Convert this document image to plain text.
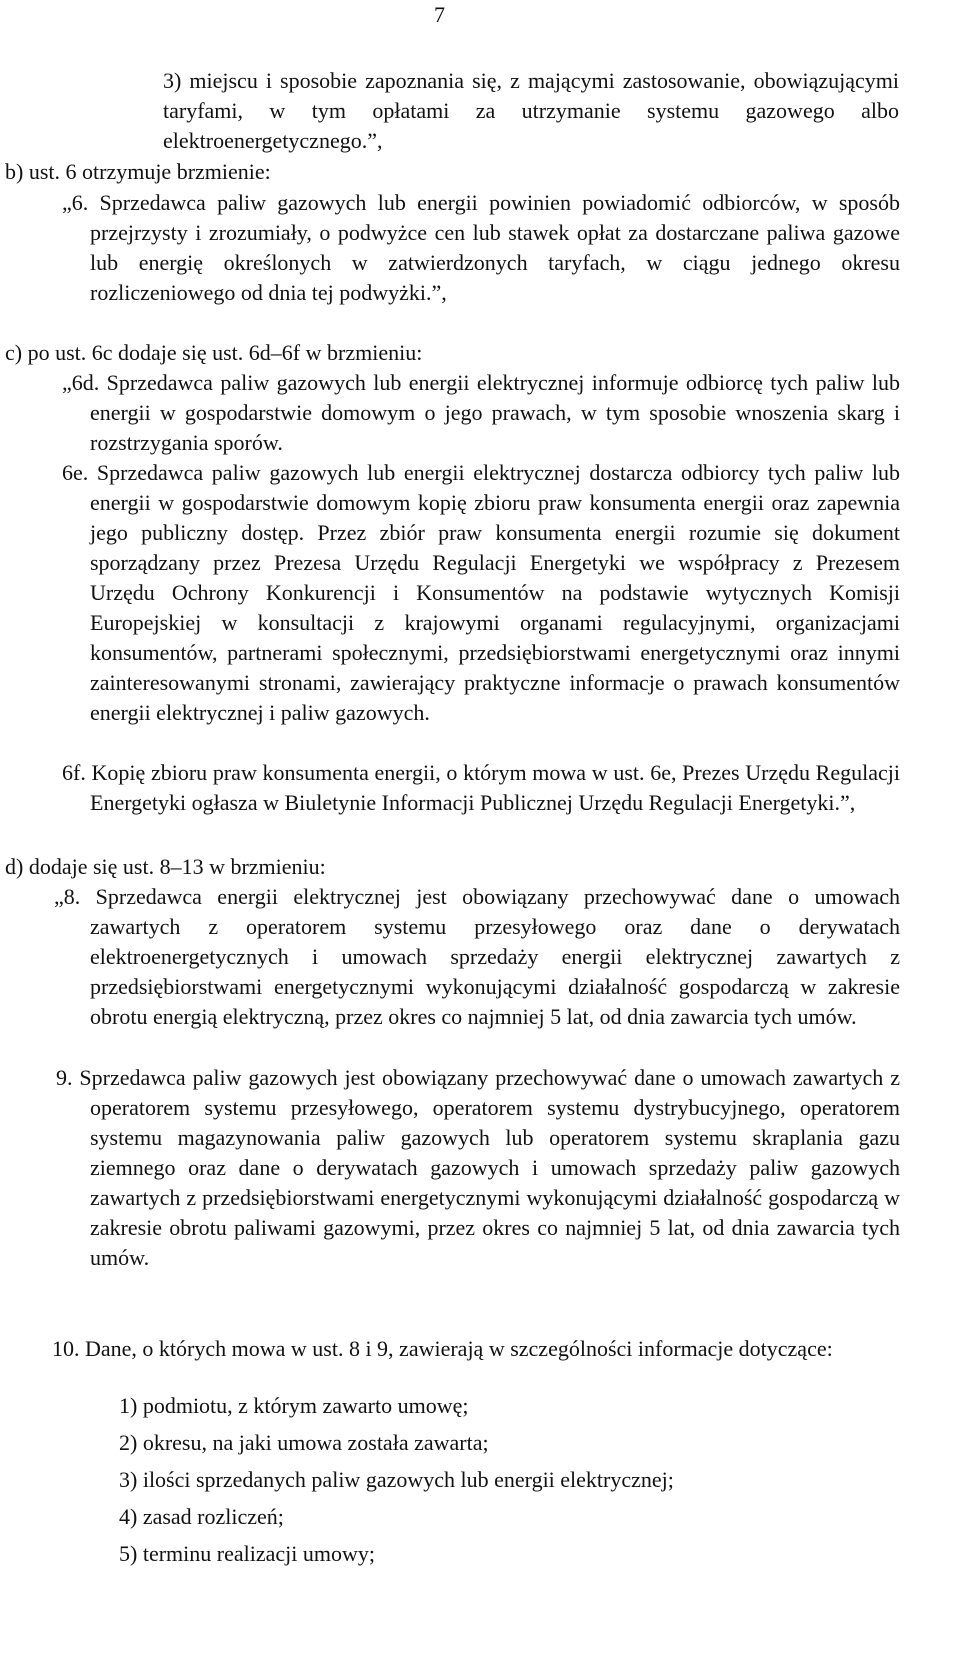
7
3) miejscu i sposobie zapoznania się, z mającymi zastosowanie, obowiązującymi taryfami, w tym opłatami za utrzymanie systemu gazowego albo elektroenergetycznego.”,
b) ust. 6 otrzymuje brzmienie:
„6. Sprzedawca paliw gazowych lub energii powinien powiadomić odbiorców, w sposób przejrzysty i zrozumiały, o podwyżce cen lub stawek opłat za dostarczane paliwa gazowe lub energię określonych w zatwierdzonych taryfach, w ciągu jednego okresu rozliczeniowego od dnia tej podwyżki.”,
c) po ust. 6c dodaje się ust. 6d–6f w brzmieniu:
„6d. Sprzedawca paliw gazowych lub energii elektrycznej informuje odbiorcę tych paliw lub energii w gospodarstwie domowym o jego prawach, w tym sposobie wnoszenia skarg i rozstrzygania sporów.
6e. Sprzedawca paliw gazowych lub energii elektrycznej dostarcza odbiorcy tych paliw lub energii w gospodarstwie domowym kopię zbioru praw konsumenta energii oraz zapewnia jego publiczny dostęp. Przez zbiór praw konsumenta energii rozumie się dokument sporządzany przez Prezesa Urzędu Regulacji Energetyki we współpracy z Prezesem Urzędu Ochrony Konkurencji i Konsumentów na podstawie wytycznych Komisji Europejskiej w konsultacji z krajowymi organami regulacyjnymi, organizacjami konsumentów, partnerami społecznymi, przedsiębiorstwami energetycznymi oraz innymi zainteresowanymi stronami, zawierający praktyczne informacje o prawach konsumentów energii elektrycznej i paliw gazowych.
6f. Kopię zbioru praw konsumenta energii, o którym mowa w ust. 6e, Prezes Urzędu Regulacji Energetyki ogłasza w Biuletynie Informacji Publicznej Urzędu Regulacji Energetyki.”,
d) dodaje się ust. 8–13 w brzmieniu:
„8. Sprzedawca energii elektrycznej jest obowiązany przechowywać dane o umowach zawartych z operatorem systemu przesyłowego oraz dane o derywatach elektroenergetycznych i umowach sprzedaży energii elektrycznej zawartych z przedsiębiorstwami energetycznymi wykonującymi działalność gospodarczą w zakresie obrotu energią elektryczną, przez okres co najmniej 5 lat, od dnia zawarcia tych umów.
9. Sprzedawca paliw gazowych jest obowiązany przechowywać dane o umowach zawartych z operatorem systemu przesyłowego, operatorem systemu dystrybucyjnego, operatorem systemu magazynowania paliw gazowych lub operatorem systemu skraplania gazu ziemnego oraz dane o derywatach gazowych i umowach sprzedaży paliw gazowych zawartych z przedsiębiorstwami energetycznymi wykonującymi działalność gospodarczą w zakresie obrotu paliwami gazowymi, przez okres co najmniej 5 lat, od dnia zawarcia tych umów.
10. Dane, o których mowa w ust. 8 i 9, zawierają w szczególności informacje dotyczące:
1) podmiotu, z którym zawarto umowę;
2) okresu, na jaki umowa została zawarta;
3) ilości sprzedanych paliw gazowych lub energii elektrycznej;
4) zasad rozliczeń;
5) terminu realizacji umowy;
